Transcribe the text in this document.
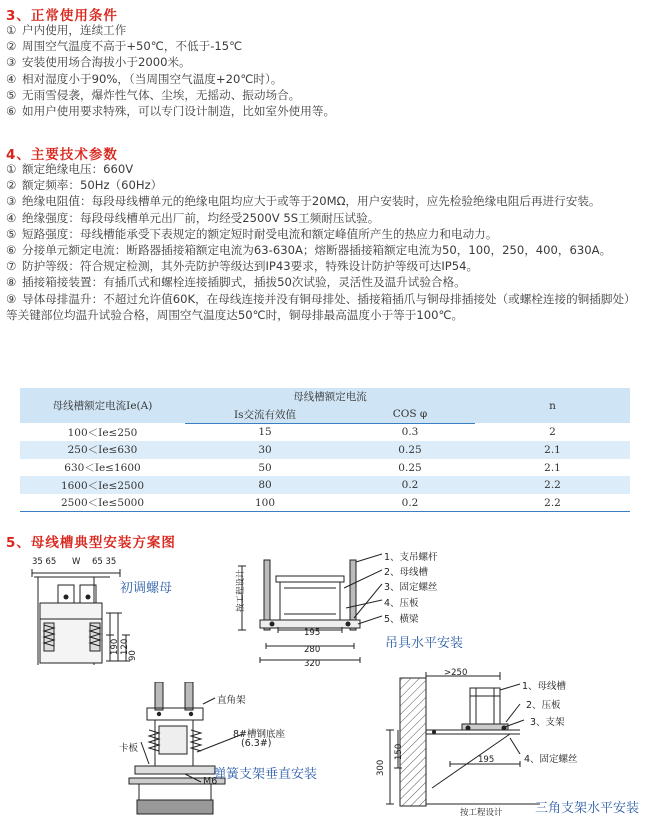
3、正常使用条件
① 户内使用，连续工作
② 周围空气温度不高于+50℃，不低于-15℃
③ 安装使用场合海拔小于2000米。
④ 相对湿度小于90%，（当周围空气温度+20℃时）。
⑤ 无雨雪侵袭，爆炸性气体、尘埃，无摇动、振动场合。
⑥ 如用户使用要求特殊，可以专门设计制造，比如室外使用等。
4、主要技术参数
① 额定绝缘电压：660V
② 额定频率：50Hz（60Hz）
③ 绝缘电阻值：每段母线槽单元的绝缘电阻均应大于或等于20MΩ，用户安装时，应先检验绝缘电阻后再进行安装。
④ 绝缘强度：每段母线槽单元出厂前，均经受2500V 5S工频耐压试验。
⑤ 短路强度：母线槽能承受下表规定的额定短时耐受电流和额定峰值所产生的热应力和电动力。
⑥ 分接单元额定电流：断路器插接箱额定电流为63-630A；熔断器插接箱额定电流为50，100，250，400，630A。
⑦ 防护等级：符合规定检测，其外壳防护等级达到IP43要求，特殊设计防护等级可达IP54。
⑧ 插接箱接装置：有插爪式和螺栓连接插脚式，插拔50次试验，灵活性及温升试验合格。
⑨ 导体母排温升：不超过允许值60K，在母线连接并没有铜母排处、插接箱插爪与铜母排插接处（或螺栓连接的铜插脚处）等关键部位均温升试验合格，周围空气温度达50℃时，铜母排最高温度小于等于100℃。
母线槽额定电流Ie(A)	母线槽额定电流		n
	Is交流有效值	COS φ	
100＜Ie≤250	15	0.3	2
250＜Ie≤630	30	0.25	2.1
630＜Ie≤1600	50	0.25	2.1
1600＜Ie≤2500	80	0.2	2.2
2500＜Ie≤5000	100	0.2	2.2
5、母线槽典型安装方案图
35 65 W 65 35
190 120
90
初调螺母	按工程设计
195
280
320
1、支吊螺杆
2、母线槽
3、固定螺丝
4、压板
5、横梁
吊具水平安装
直角架
8#槽钢底座
(6.3#)
卡板
M6
弹簧支架垂直安装
>250
195
300
150
按工程设计
1、母线槽
2、压板
3、支架
4、固定螺丝
三角支架水平安装
